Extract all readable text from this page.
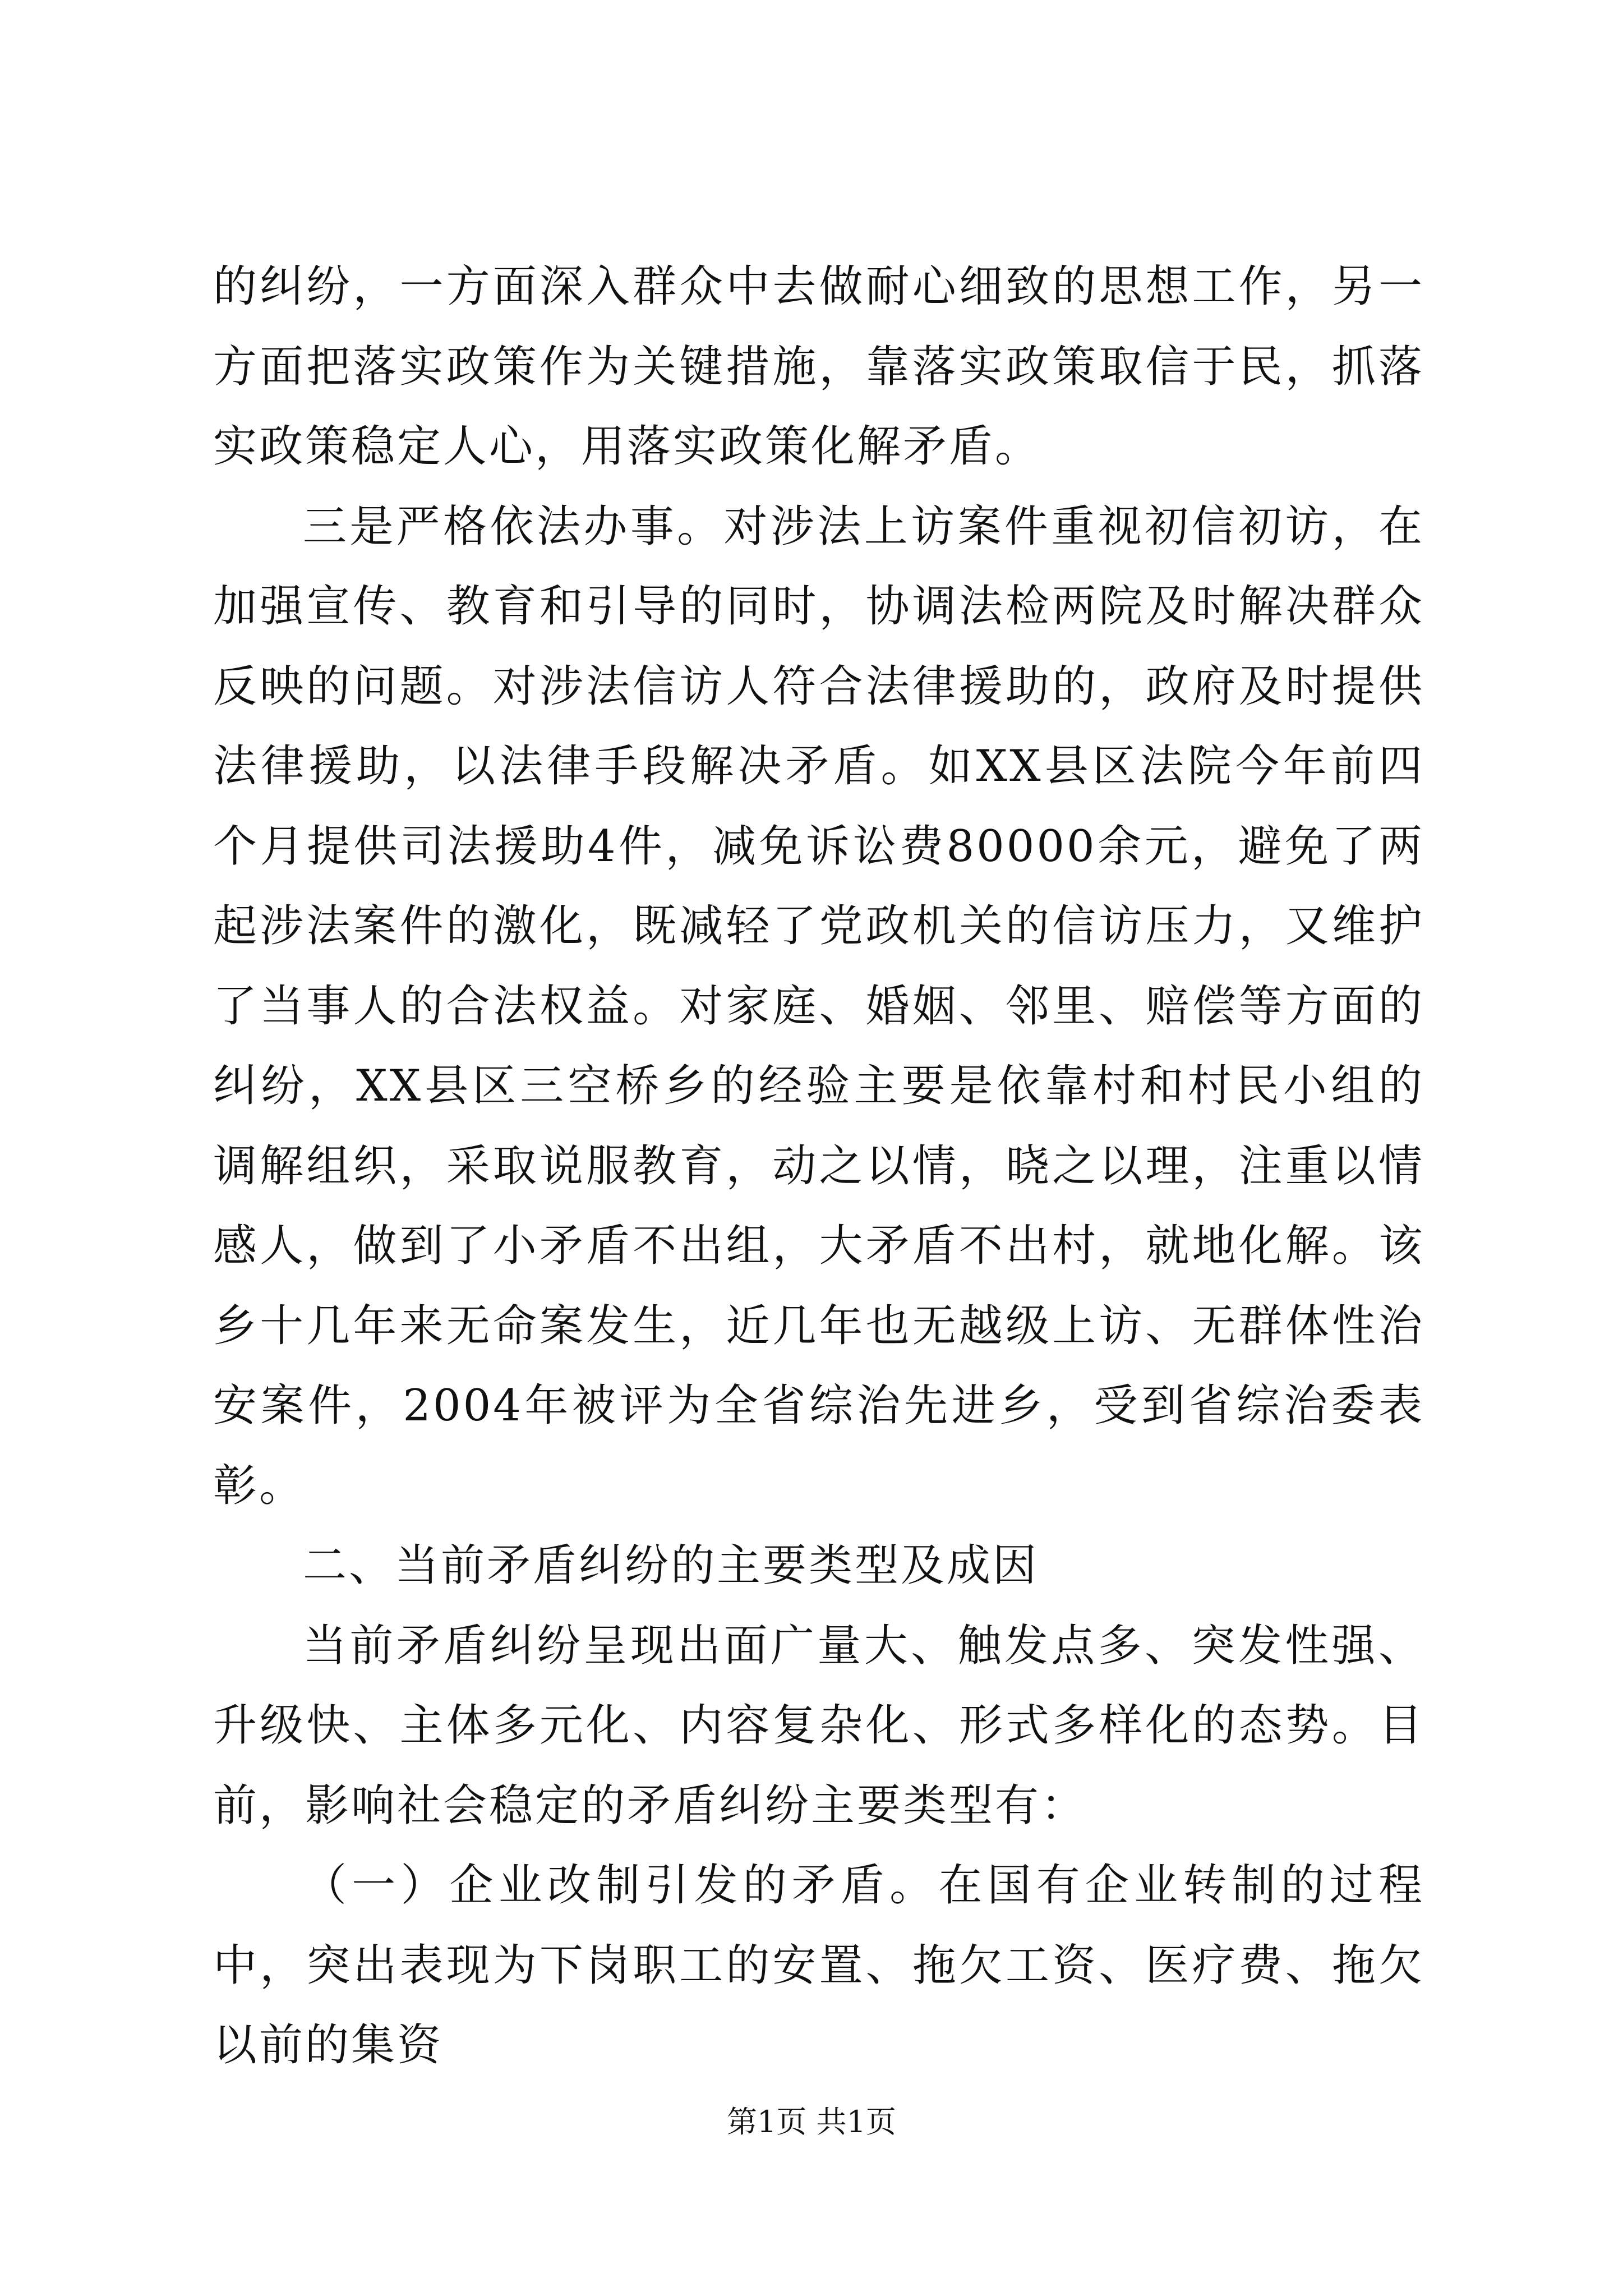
的纠纷，一方面深入群众中去做耐心细致的思想工作，另一方面把落实政策作为关键措施，靠落实政策取信于民，抓落实政策稳定人心，用落实政策化解矛盾。

三是严格依法办事。对涉法上访案件重视初信初访，在加强宣传、教育和引导的同时，协调法检两院及时解决群众反映的问题。对涉法信访人符合法律援助的，政府及时提供法律援助，以法律手段解决矛盾。如XX县区法院今年前四个月提供司法援助4件，减免诉讼费80000余元，避免了两起涉法案件的激化，既减轻了党政机关的信访压力，又维护了当事人的合法权益。对家庭、婚姻、邻里、赔偿等方面的纠纷，XX县区三空桥乡的经验主要是依靠村和村民小组的调解组织，采取说服教育，动之以情，晓之以理，注重以情感人，做到了小矛盾不出组，大矛盾不出村，就地化解。该乡十几年来无命案发生，近几年也无越级上访、无群体性治安案件，2004年被评为全省综治先进乡，受到省综治委表彰。

二、当前矛盾纠纷的主要类型及成因

当前矛盾纠纷呈现出面广量大、触发点多、突发性强、升级快、主体多元化、内容复杂化、形式多样化的态势。目前，影响社会稳定的矛盾纠纷主要类型有：

（一）企业改制引发的矛盾。在国有企业转制的过程中，突出表现为下岗职工的安置、拖欠工资、医疗费、拖欠以前的集资

第1页 共1页
